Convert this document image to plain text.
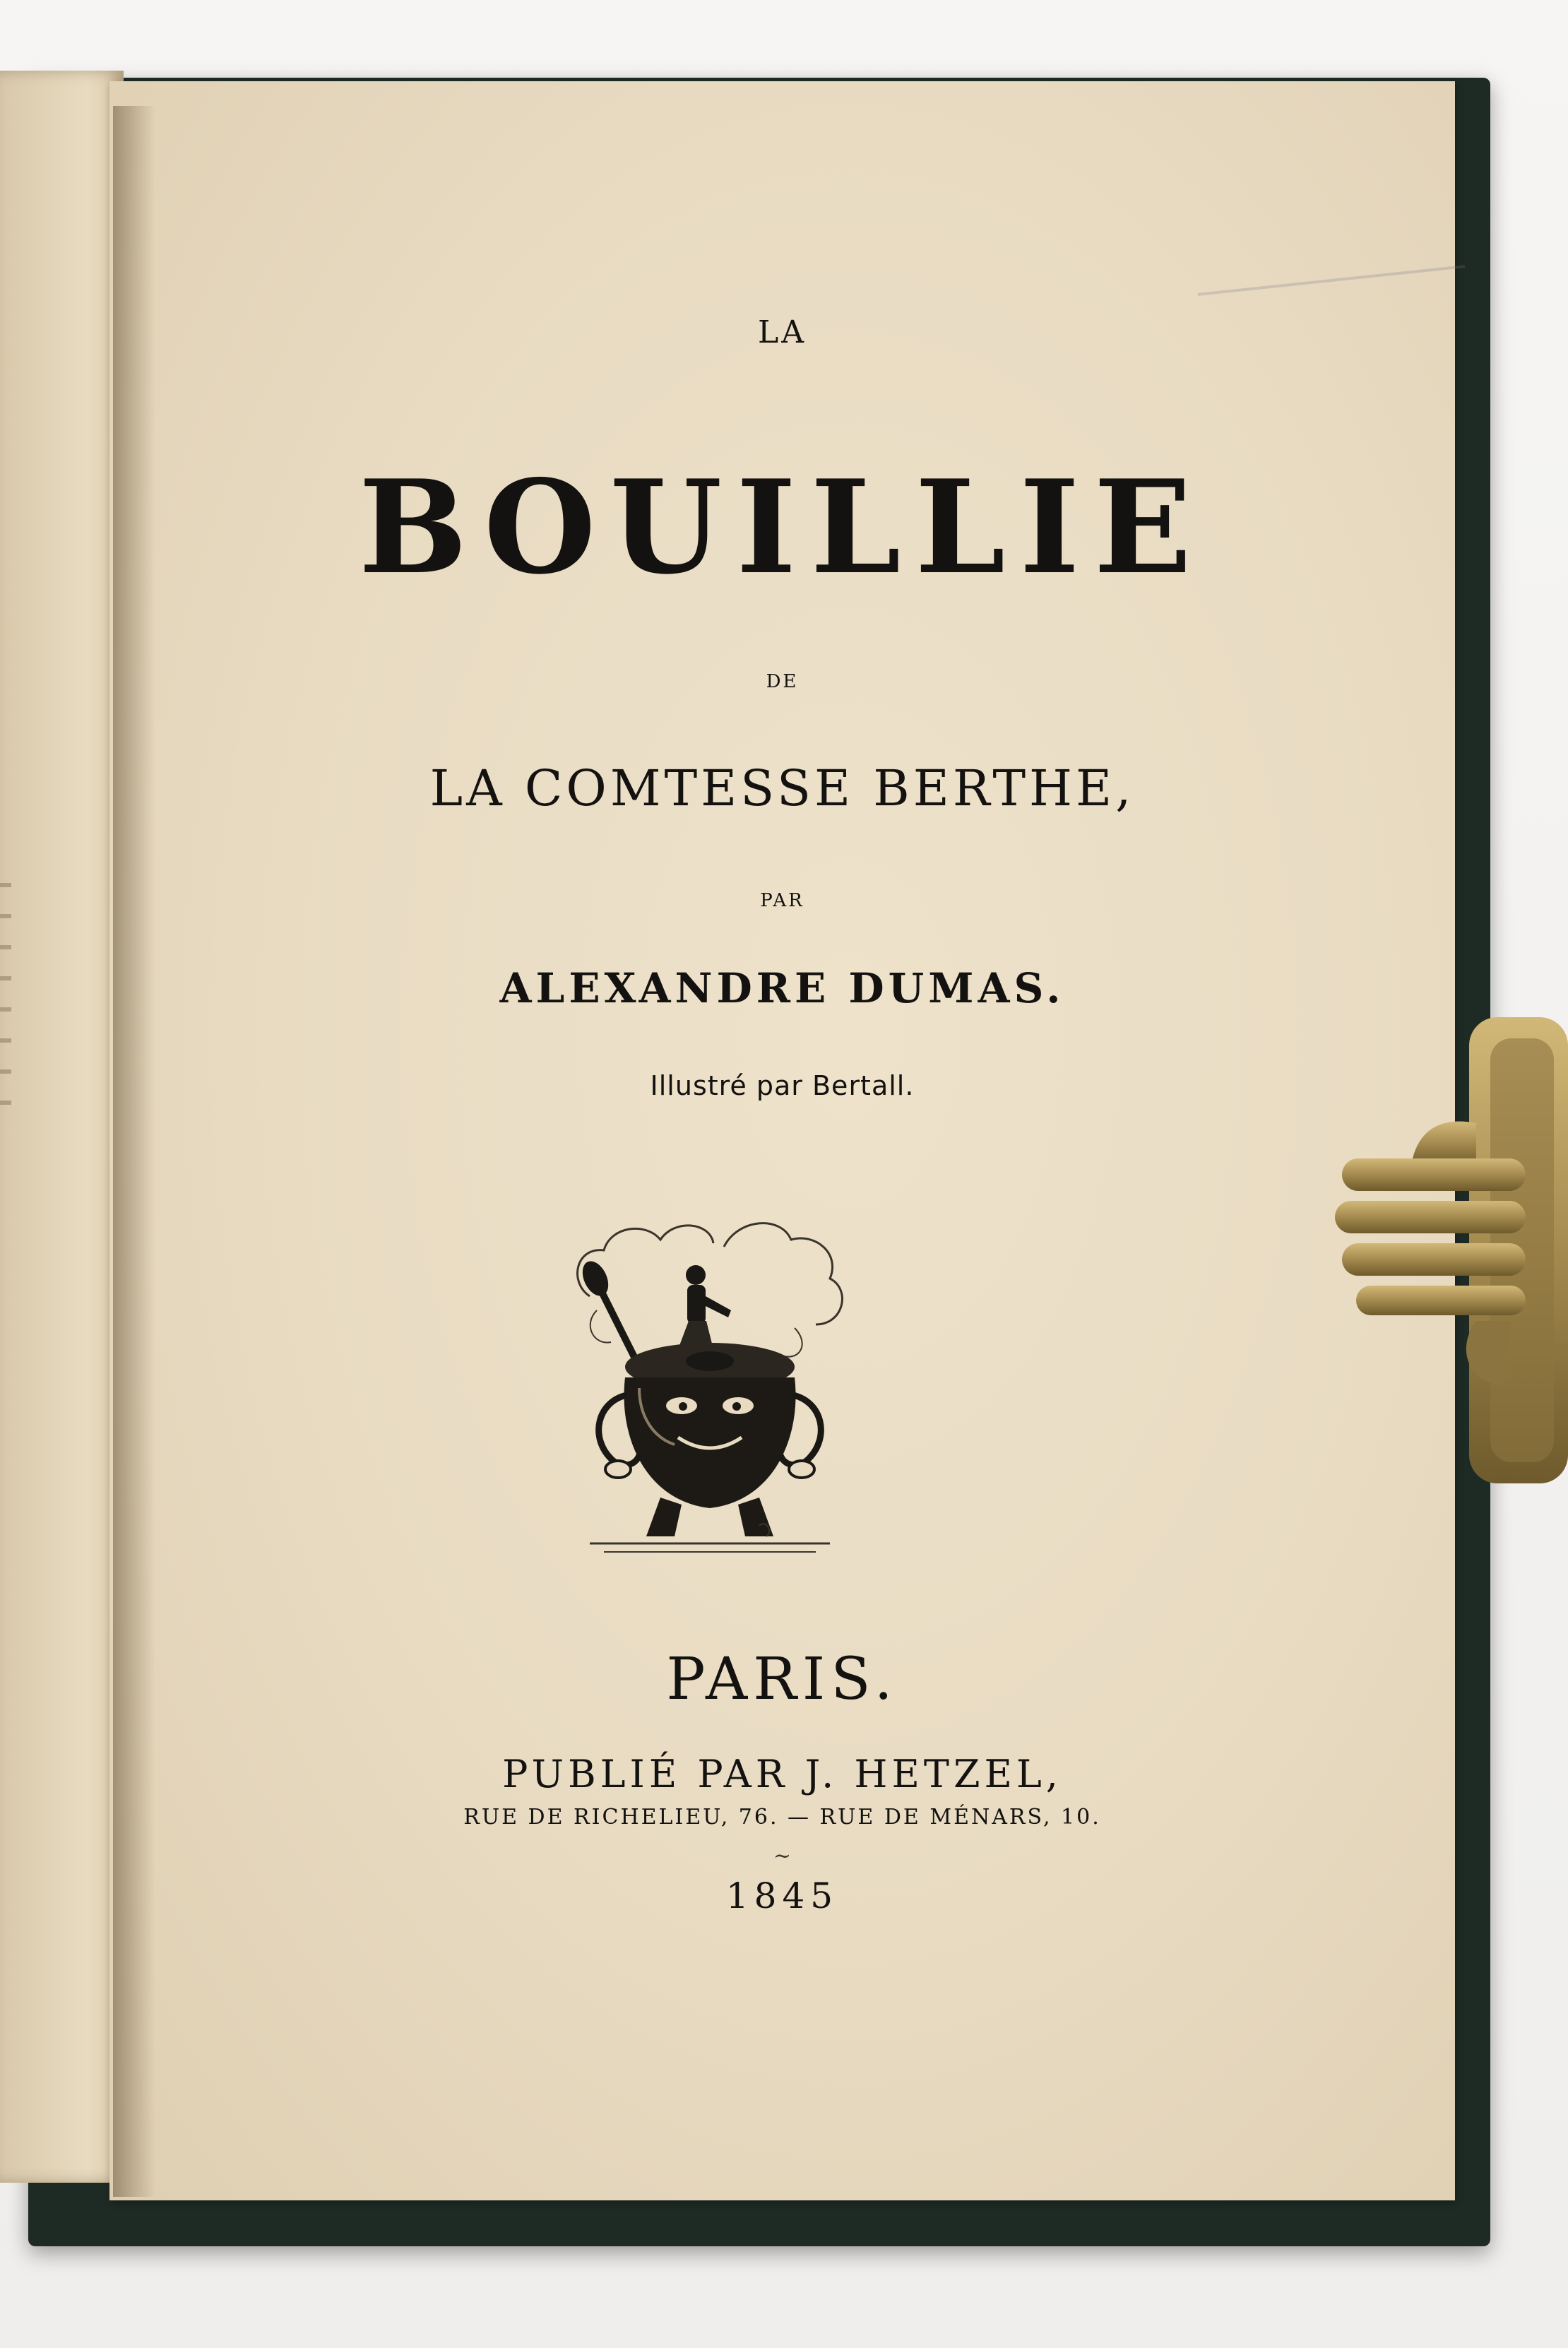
LA
BOUILLIE
DE
LA COMTESSE BERTHE,
PAR
ALEXANDRE DUMAS.
Illustré par Bertall.
PARIS.
PUBLIÉ PAR J. HETZEL,
RUE DE RICHELIEU, 76. — RUE DE MÉNARS, 10.
~
1845
